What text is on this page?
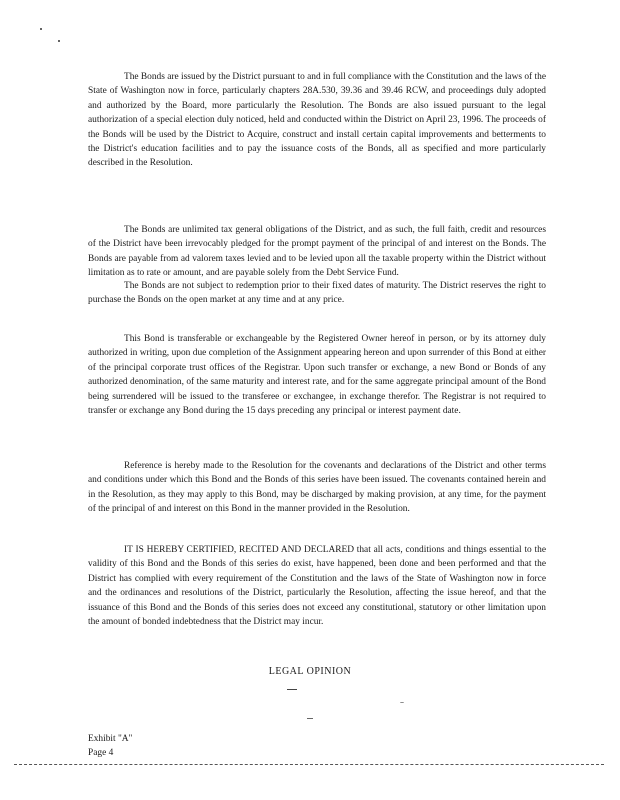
The Bonds are issued by the District pursuant to and in full compliance with the Constitution and the laws of the State of Washington now in force, particularly chapters 28A.530, 39.36 and 39.46 RCW, and proceedings duly adopted and authorized by the Board, more particularly the Resolution. The Bonds are also issued pursuant to the legal authorization of a special election duly noticed, held and conducted within the District on April 23, 1996. The proceeds of the Bonds will be used by the District to Acquire, construct and install certain capital improvements and betterments to the District's education facilities and to pay the issuance costs of the Bonds, all as specified and more particularly described in the Resolution.

The Bonds are unlimited tax general obligations of the District, and as such, the full faith, credit and resources of the District have been irrevocably pledged for the prompt payment of the principal of and interest on the Bonds. The Bonds are payable from ad valorem taxes levied and to be levied upon all the taxable property within the District without limitation as to rate or amount, and are payable solely from the Debt Service Fund.

The Bonds are not subject to redemption prior to their fixed dates of maturity. The District reserves the right to purchase the Bonds on the open market at any time and at any price.

This Bond is transferable or exchangeable by the Registered Owner hereof in person, or by its attorney duly authorized in writing, upon due completion of the Assignment appearing hereon and upon surrender of this Bond at either of the principal corporate trust offices of the Registrar. Upon such transfer or exchange, a new Bond or Bonds of any authorized denomination, of the same maturity and interest rate, and for the same aggregate principal amount of the Bond being surrendered will be issued to the transferee or exchangee, in exchange therefor. The Registrar is not required to transfer or exchange any Bond during the 15 days preceding any principal or interest payment date.

Reference is hereby made to the Resolution for the covenants and declarations of the District and other terms and conditions under which this Bond and the Bonds of this series have been issued. The covenants contained herein and in the Resolution, as they may apply to this Bond, may be discharged by making provision, at any time, for the payment of the principal of and interest on this Bond in the manner provided in the Resolution.

IT IS HEREBY CERTIFIED, RECITED AND DECLARED that all acts, conditions and things essential to the validity of this Bond and the Bonds of this series do exist, have happened, been done and been performed and that the District has complied with every requirement of the Constitution and the laws of the State of Washington now in force and the ordinances and resolutions of the District, particularly the Resolution, affecting the issue hereof, and that the issuance of this Bond and the Bonds of this series does not exceed any constitutional, statutory or other limitation upon the amount of bonded indebtedness that the District may incur.

LEGAL OPINION
Exhibit "A"
Page 4
